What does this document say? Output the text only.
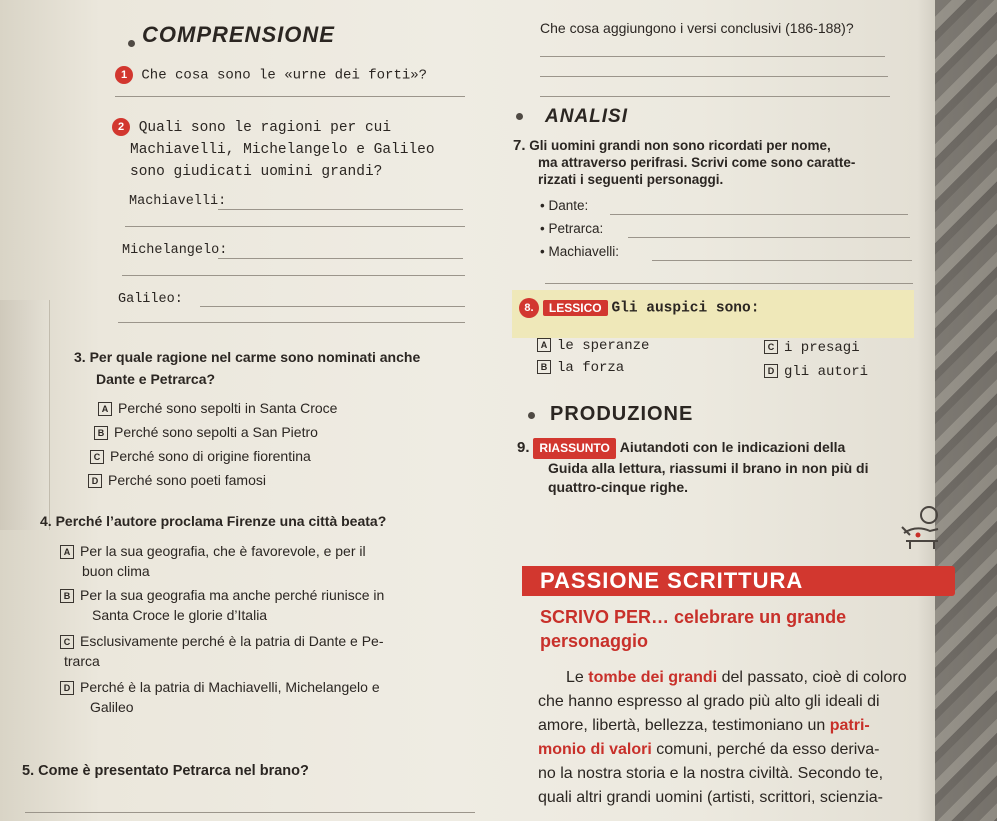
COMPRENSIONE
1 Che cosa sono le «urne dei forti»?
2 Quali sono le ragioni per cui
Machiavelli, Michelangelo e Galileo
sono giudicati uomini grandi?
Machiavelli:
Michelangelo:
Galileo:
3. Per quale ragione nel carme sono nominati anche
Dante e Petrarca?
A Perché sono sepolti in Santa Croce
B Perché sono sepolti a San Pietro
C Perché sono di origine fiorentina
D Perché sono poeti famosi
4. Perché l’autore proclama Firenze una città beata?
A Per la sua geografia, che è favorevole, e per il
buon clima
B Per la sua geografia ma anche perché riunisce in
Santa Croce le glorie d’Italia
C Esclusivamente perché è la patria di Dante e Pe-
trarca
D Perché è la patria di Machiavelli, Michelangelo e
Galileo
5. Come è presentato Petrarca nel brano?
Che cosa aggiungono i versi conclusivi (186-188)?
ANALISI
7. Gli uomini grandi non sono ricordati per nome,
ma attraverso perifrasi. Scrivi come sono caratte-
rizzati i seguenti personaggi.
• Dante:
• Petrarca:
• Machiavelli:
8. LESSICO Gli auspici sono:
A le speranze
B la forza
C i presagi
D gli autori
PRODUZIONE
9. RIASSUNTO Aiutandoti con le indicazioni della
Guida alla lettura, riassumi il brano in non più di
quattro-cinque righe.
PASSIONE SCRITTURA
SCRIVO PER… celebrare un grande
personaggio
Le tombe dei grandi del passato, cioè di coloro
che hanno espresso al grado più alto gli ideali di
amore, libertà, bellezza, testimoniano un patri-
monio di valori comuni, perché da esso deriva-
no la nostra storia e la nostra civiltà. Secondo te,
quali altri grandi uomini (artisti, scrittori, scienzia-
